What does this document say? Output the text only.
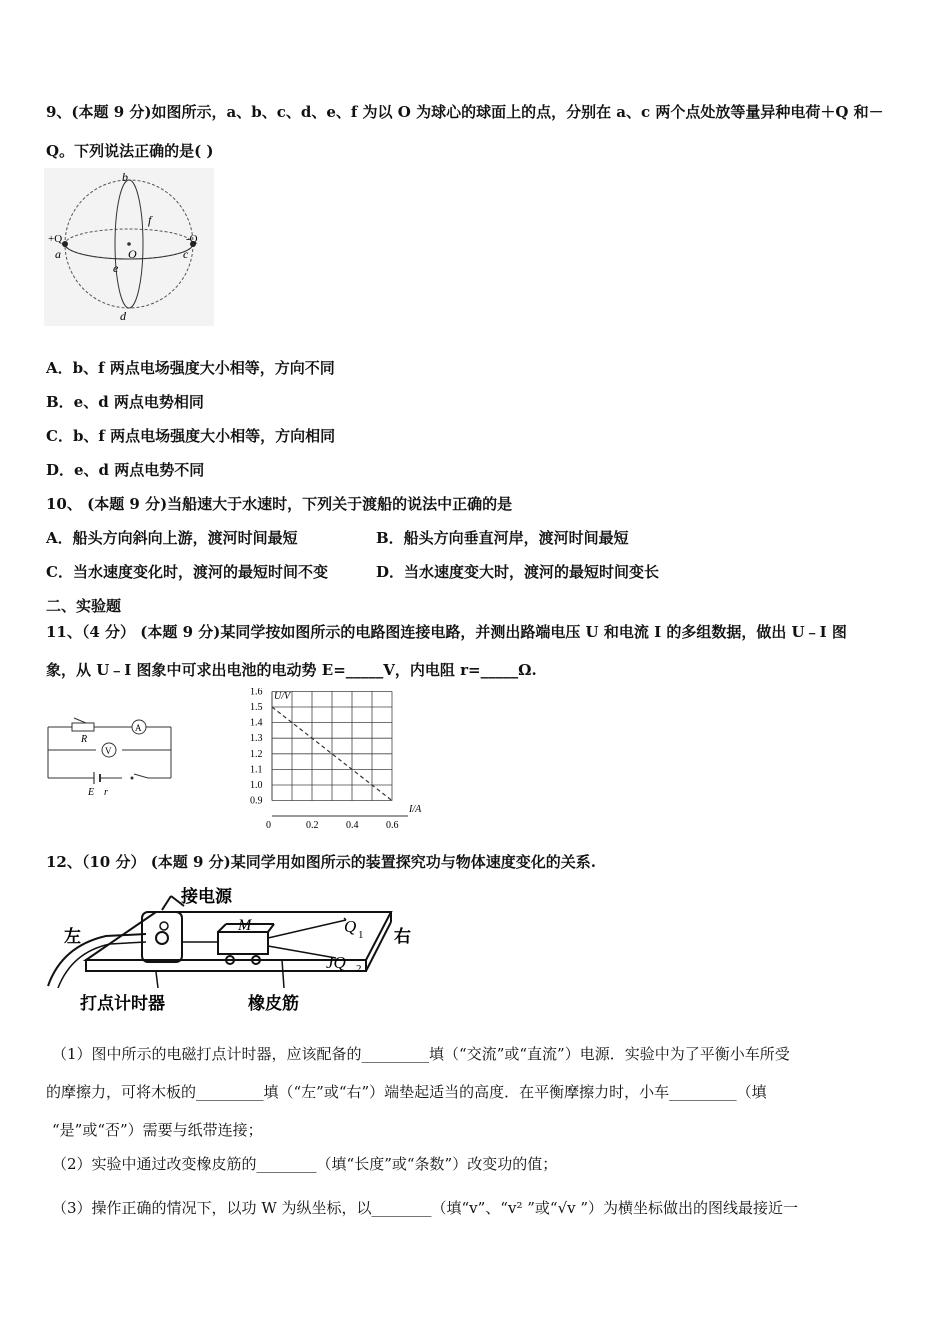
9、(本题 9 分)如图所示，a、b、c、d、e、f 为以 O 为球心的球面上的点，分别在 a、c 两个点处放等量异种电荷＋Q 和－
Q。下列说法正确的是( )
b
f
+Q	-Q
a	O	c
e
d
A．b、f 两点电场强度大小相等，方向不同
B．e、d 两点电势相同
C．b、f 两点电场强度大小相等，方向相同
D．e、d 两点电势不同
10、 (本题 9 分)当船速大于水速时，下列关于渡船的说法中正确的是
A．船头方向斜向上游，渡河时间最短	B．船头方向垂直河岸，渡河时间最短
C．当水速度变化时，渡河的最短时间不变	D．当水速度变大时，渡河的最短时间变长
二、实验题
11、（4 分） (本题 9 分)某同学按如图所示的电路图连接电路，并测出路端电压 U 和电流 I 的多组数据，做出 U﹣I 图
象，从 U﹣I 图象中可求出电池的电动势 E=_____V，内电阻 r=_____Ω.
R
A
V
E r
1.6
1.5
1.4
1.3
1.2
1.1
1.0
0.9
0	0.2	0.4	0.6
U/V
I/A
12、（10 分） (本题 9 分)某同学用如图所示的装置探究功与物体速度变化的关系.
接电源
左	右
M	Q 1
JQ 2
打点计时器	橡皮筋
（1）图中所示的电磁打点计时器，应该配备的_________填（“交流”或“直流”）电源．实验中为了平衡小车所受
的摩擦力，可将木板的_________填（“左”或“右”）端垫起适当的高度．在平衡摩擦力时，小车_________（填
“是”或“否”）需要与纸带连接；
（2）实验中通过改变橡皮筋的________（填“长度”或“条数”）改变功的值；
（3）操作正确的情况下，以功 W 为纵坐标，以________（填“v”、“v² ”或“√v ”）为横坐标做出的图线最接近一
